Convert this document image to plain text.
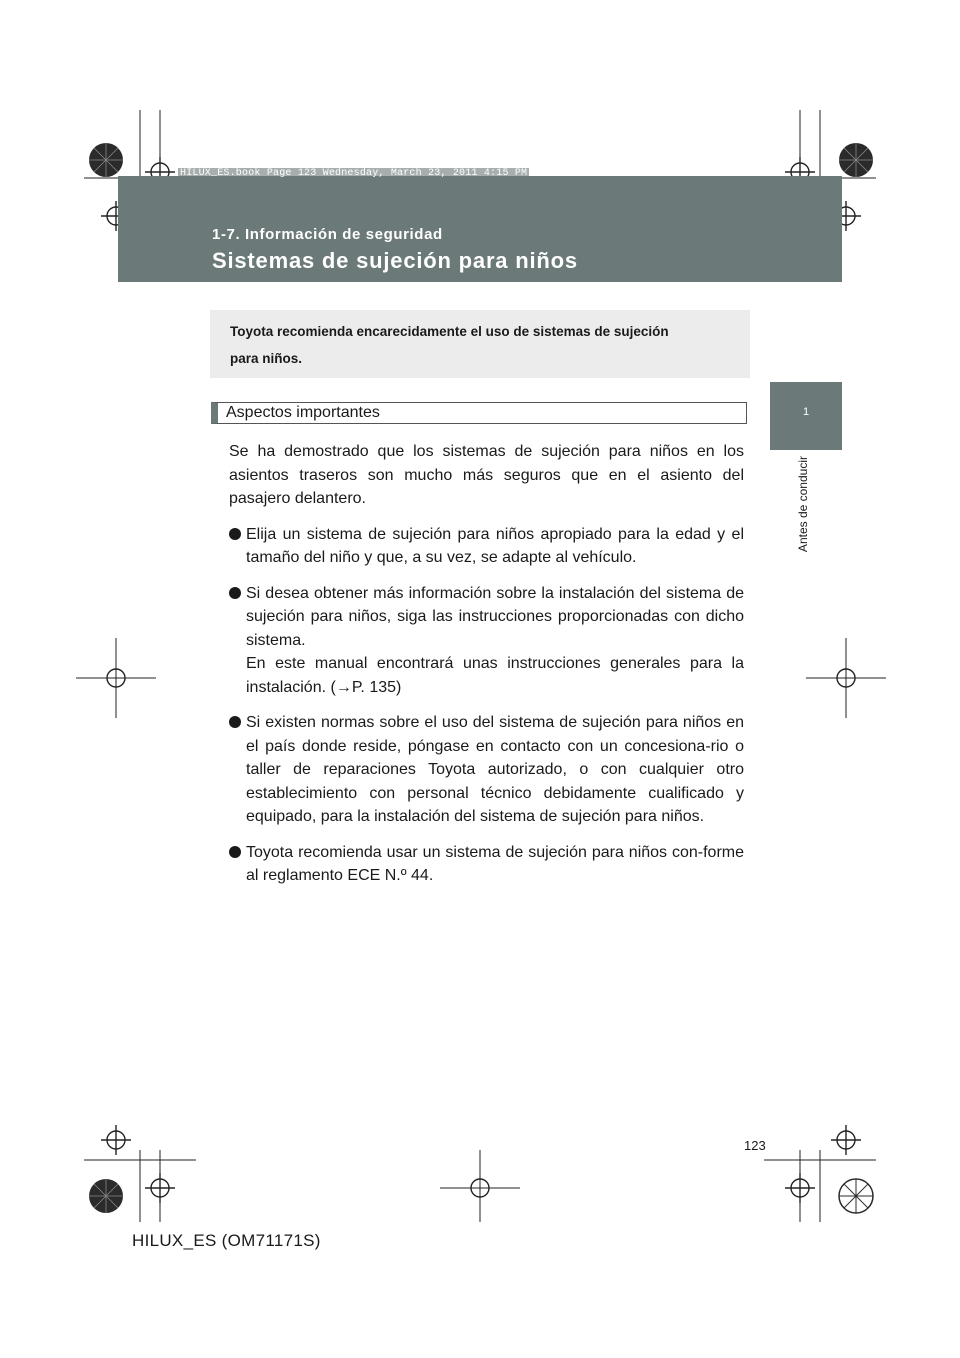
HILUX_ES.book Page 123 Wednesday, March 23, 2011 4:15 PM
1-7. Información de seguridad
Sistemas de sujeción para niños
1
Antes de conducir
Toyota recomienda encarecidamente el uso de sistemas de sujeción
para niños.
Aspectos importantes

Se ha demostrado que los sistemas de sujeción para niños en los asientos traseros son mucho más seguros que en el asiento del pasajero delantero.

Elija un sistema de sujeción para niños apropiado para la edad y el tamaño del niño y que, a su vez, se adapte al vehículo.
Si desea obtener más información sobre la instalación del sistema de sujeción para niños, siga las instrucciones proporcionadas con dicho sistema.
En este manual encontrará unas instrucciones generales para la instalación. (→P. 135)
Si existen normas sobre el uso del sistema de sujeción para niños en el país donde reside, póngase en contacto con un concesiona-rio o taller de reparaciones Toyota autorizado, o con cualquier otro establecimiento con personal técnico debidamente cualificado y equipado, para la instalación del sistema de sujeción para niños.
Toyota recomienda usar un sistema de sujeción para niños con-forme al reglamento ECE N.º 44.
123
HILUX_ES (OM71171S)
